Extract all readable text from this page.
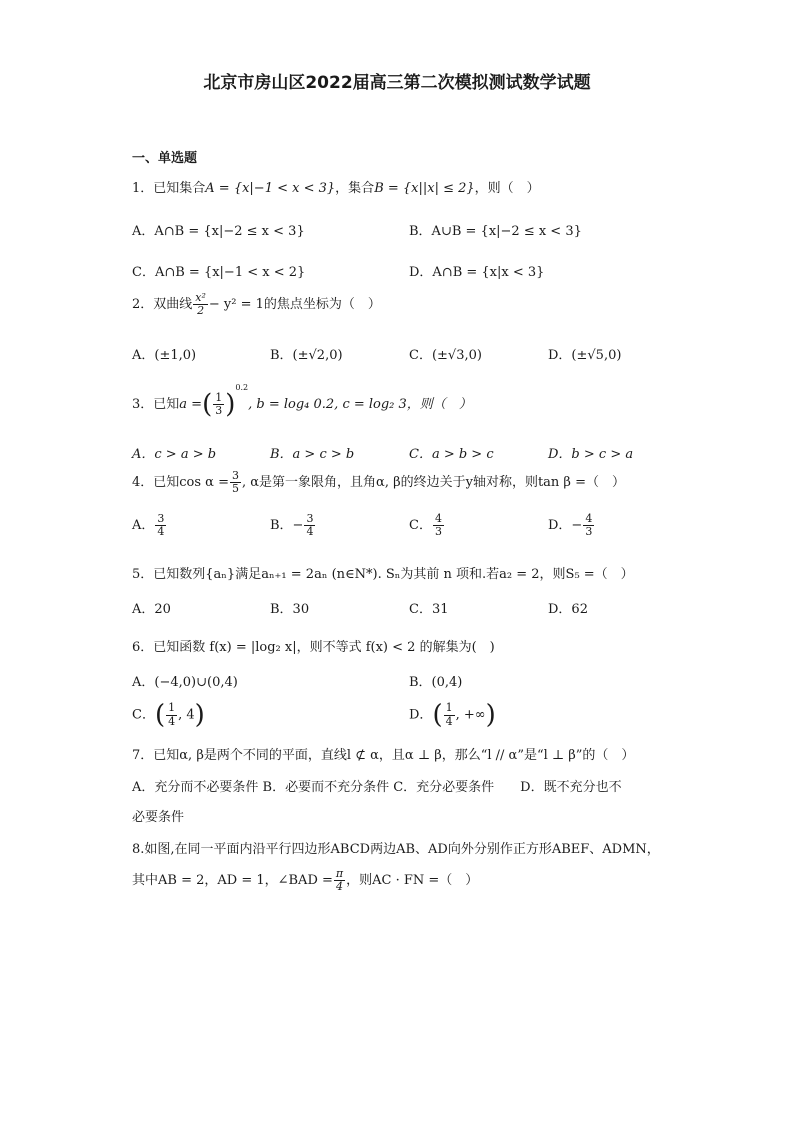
北京市房山区2022届高三第二次模拟测试数学试题
一、单选题
1．已知集合A = {x|−1 < x < 3}，集合B = {x||x| ≤ 2}，则（　）
A．A∩B = {x|−2 ≤ x < 3}	B．A∪B = {x|−2 ≤ x < 3}
C．A∩B = {x|−1 < x < 2}	D．A∩B = {x|x < 3}
2．双曲线 $\frac{\text{x²}}{2} - y^2 = 1$的焦点坐标为（　）
A．(±1,0)	B．(±√2,0)	C．(±√3,0)	D．(±√5,0)
3．已知a =( $\frac{1}{3} )^{0.2}$, b = log₄ 0.2, c = log₂ 3，则（　）
A．c > a > b	B．a > c > b	C．a > b > c	D．b > c > a
4．已知$\cos \alpha = \frac{3}{5}$ , α是第一象限角，且角α, β的终边关于y轴对称，则tan β =（　）
A． $\frac{3}{4}$	B．− $\frac{3}{4}$	C． $\frac{4}{3}$	D．− $\frac{4}{3}$
5．已知数列{aₙ}满足aₙ₊₁ = 2aₙ (n∈N*). Sₙ为其前 n 项和.若a₂ = 2，则S₅ =（　）
A．20	B．30	C．31	D．62
6．已知函数 f(x) = |log₂ x|，则不等式 f(x) < 2 的解集为(　)
A．(−4,0)∪(0,4)	B．(0,4)
C．( $\frac{1}{4}$ , 4)	D．( $\frac{1}{4}$ , +∞)
7．已知α, β是两个不同的平面，直线l ⊄ α，且α ⊥ β，那么“l // α”是“l ⊥ β”的（　）
A．充分而不必要条件 B．必要而不充分条件 C．充分必要条件　　D．既不充分也不
必要条件
8.如图,在同一平面内沿平行四边形ABCD两边AB、AD向外分别作正方形ABEF、ADMN，
其中AB = 2，AD = 1，∠BAD = $\frac{\pi}{4}$ ，则AC · FN =（　）
